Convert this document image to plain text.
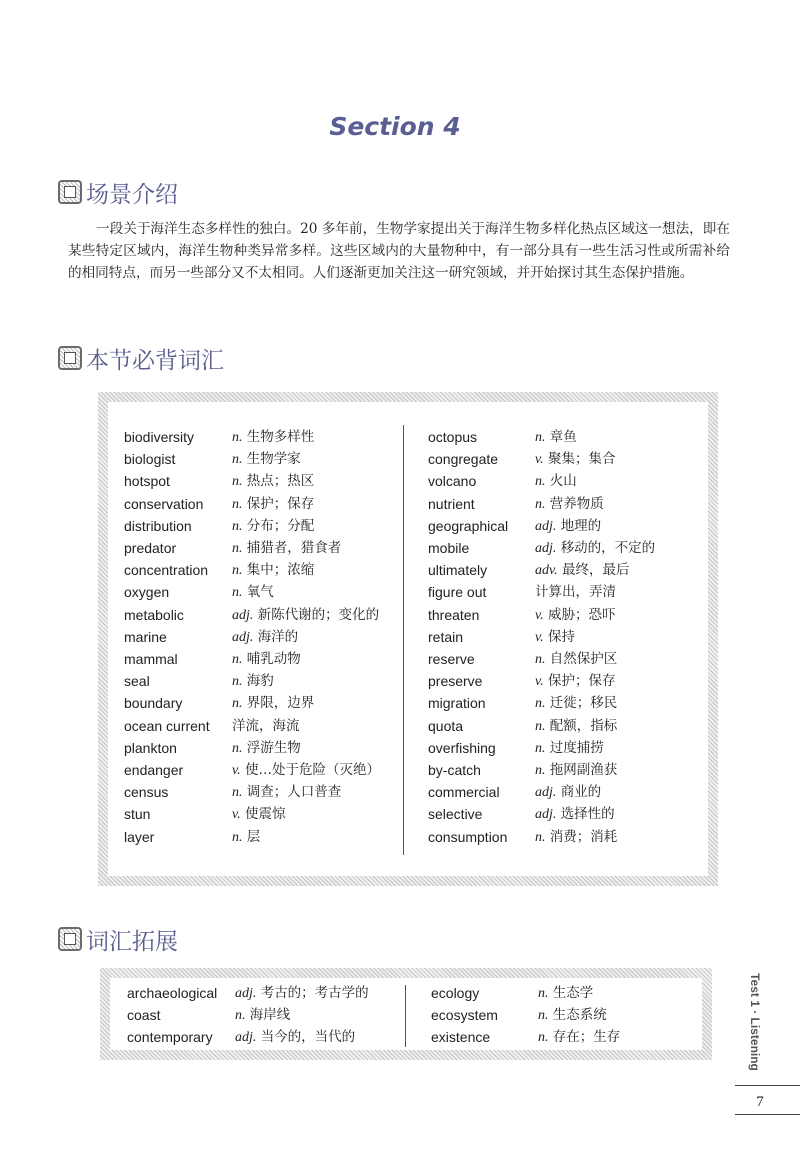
Section 4
场景介绍
一段关于海洋生态多样性的独白。20 多年前，生物学家提出关于海洋生物多样化热点区域这一想法，即在某些特定区域内，海洋生物种类异常多样。这些区域内的大量物种中，有一部分具有一些生活习性或所需补给的相同特点，而另一些部分又不太相同。人们逐渐更加关注这一研究领域，并开始探讨其生态保护措施。
本节必背词汇
biodiversity	n. 生物多样性
biologist	n. 生物学家
hotspot	n. 热点；热区
conservation n. 保护；保存
distribution	n. 分布；分配
predator	n. 捕猎者，猎食者
concentration n. 集中；浓缩
oxygen	n. 氧气
metabolic	adj. 新陈代谢的；变化的
marine	adj. 海洋的
mammal	n. 哺乳动物
seal	n. 海豹
boundary	n. 界限，边界
ocean current 洋流，海流
plankton	n. 浮游生物
endanger	v. 使…处于危险（灭绝）
census	n. 调查；人口普查
stun	v. 使震惊
layer	n. 层
octopus	n. 章鱼
congregate	v. 聚集；集合
volcano	n. 火山
nutrient	n. 营养物质
geographical adj. 地理的
mobile	adj. 移动的，不定的
ultimately	adv. 最终，最后
figure out	计算出，弄清
threaten	v. 威胁；恐吓
retain	v. 保持
reserve	n. 自然保护区
preserve	v. 保护；保存
migration	n. 迁徙；移民
quota	n. 配额，指标
overfishing	n. 过度捕捞
by-catch	n. 拖网副渔获
commercial	adj. 商业的
selective	adj. 选择性的
consumption n. 消费；消耗
词汇拓展
archaeological adj. 考古的；考古学的
coast	n. 海岸线
contemporary adj. 当今的，当代的
ecology	n. 生态学
ecosystem	n. 生态系统
existence	n. 存在；生存	Test 1 · Listening
7
